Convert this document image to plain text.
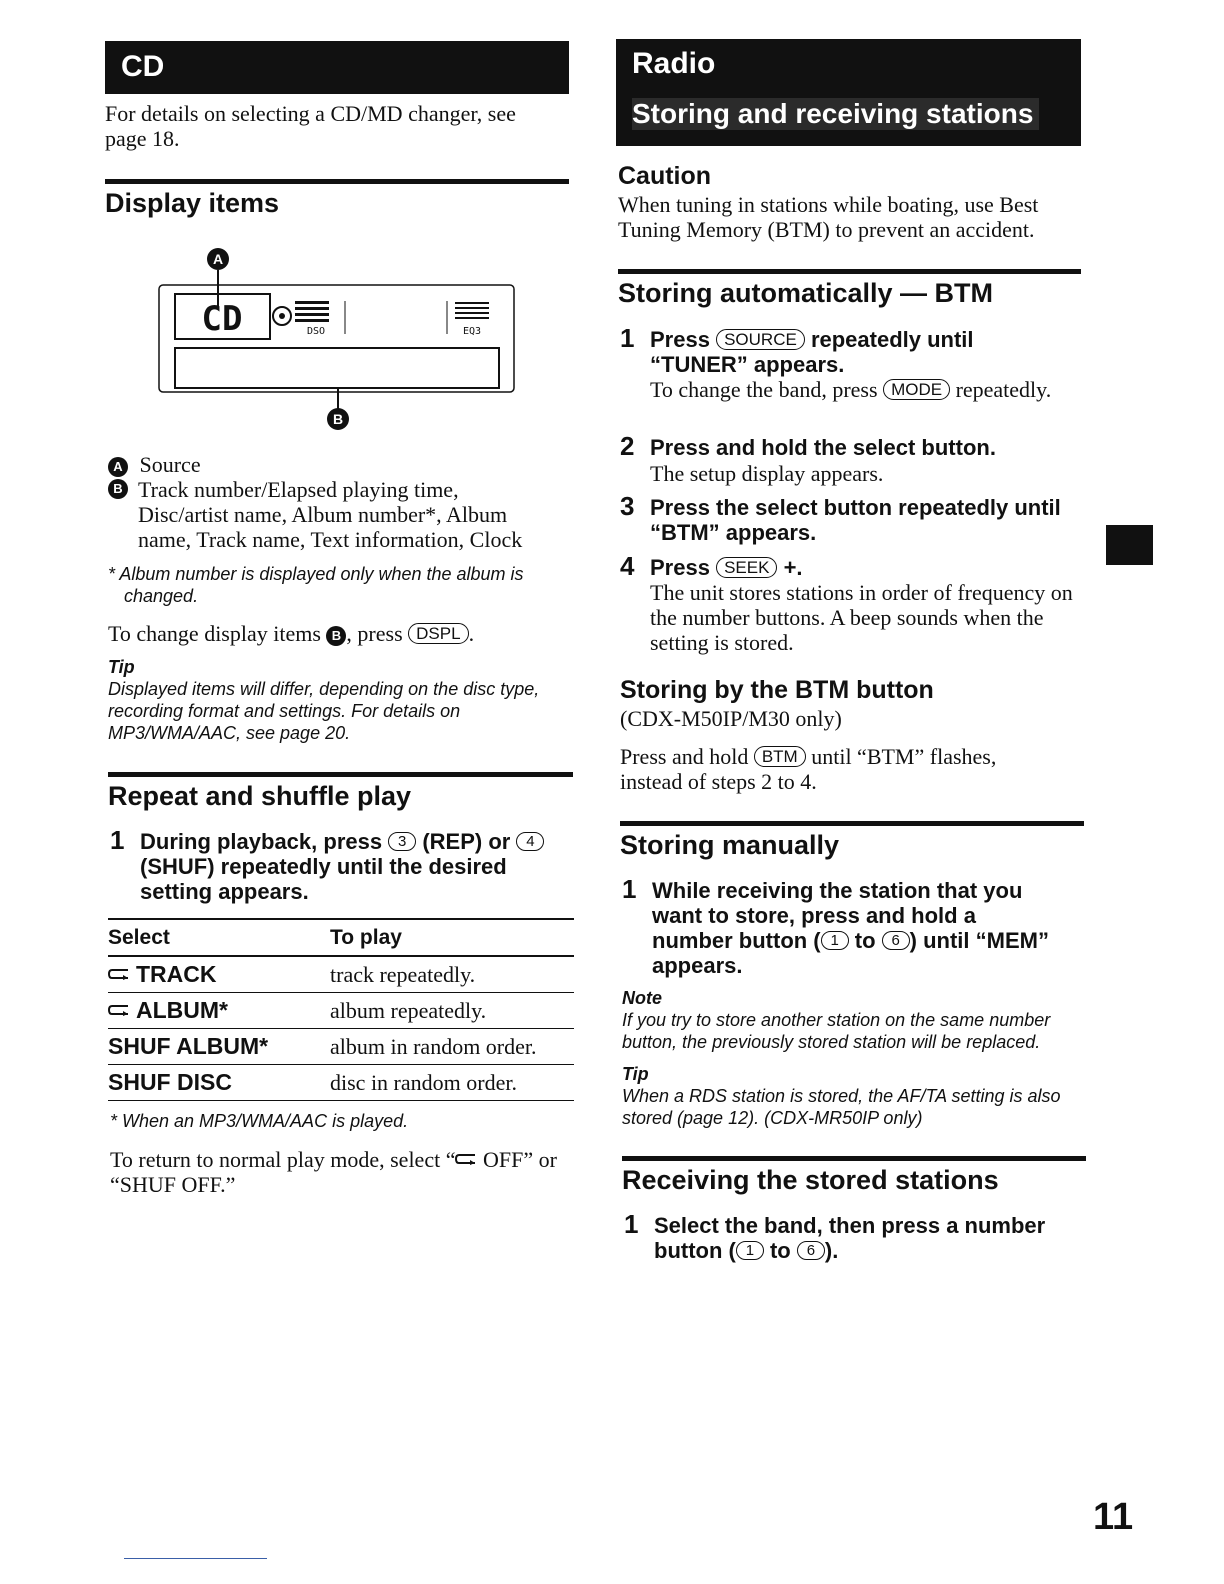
CD
For details on selecting a CD/MD changer, see page 18.
Display items
A
CD	DSO	EQ3
B
A Source
B Track number/Elapsed playing time, Disc/artist name, Album number*, Album name, Track name, Text information, Clock
* Album number is displayed only when the album is changed.
To change display items B , press DSPL .
Tip
Displayed items will differ, depending on the disc type, recording format and settings. For details on MP3/WMA/AAC, see page 20.
Repeat and shuffle play
1 During playback, press 3 (REP) or 4 (SHUF) repeatedly until the desired setting appears.
Select	To play
TRACK	track repeatedly.
ALBUM*	album repeatedly.
SHUF ALBUM*	album in random order.
SHUF DISC	disc in random order.
* When an MP3/WMA/AAC is played.
To return to normal play mode, select “ OFF” or “SHUF OFF.”
Radio
Storing and receiving stations
Caution
When tuning in stations while boating, use Best Tuning Memory (BTM) to prevent an accident.
Storing automatically — BTM
1 Press SOURCE repeatedly until “TUNER” appears.
To change the band, press MODE repeatedly.
2 Press and hold the select button.
The setup display appears.
3 Press the select button repeatedly until “BTM” appears.
4 Press SEEK +.
The unit stores stations in order of frequency on the number buttons. A beep sounds when the setting is stored.
Storing by the BTM button
(CDX-M50IP/M30 only)
Press and hold BTM until “BTM” flashes, instead of steps 2 to 4.
Storing manually
1 While receiving the station that you want to store, press and hold a number button ( 1 to 6 ) until “MEM” appears.
Note
If you try to store another station on the same number button, the previously stored station will be replaced.
Tip
When a RDS station is stored, the AF/TA setting is also stored (page 12). (CDX-MR50IP only)
Receiving the stored stations
1 Select the band, then press a number button ( 1 to 6 ).
11
